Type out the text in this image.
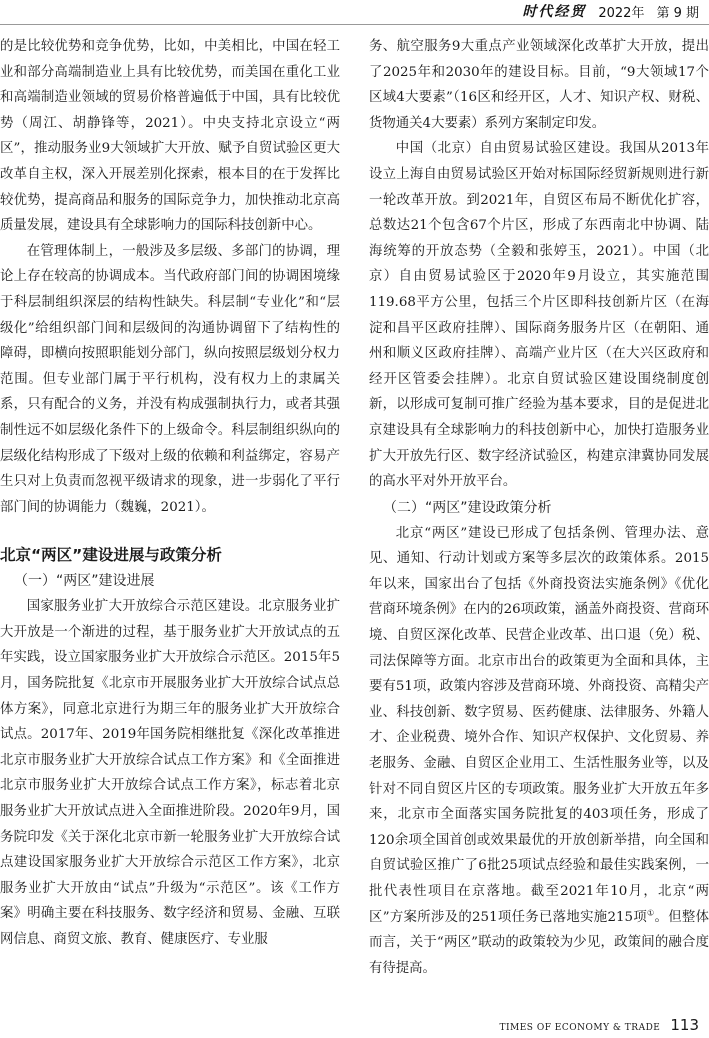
时代经贸 2022年 第 9 期

的是比较优势和竞争优势，比如，中美相比，中国在轻工业和部分高端制造业上具有比较优势，而美国在重化工业和高端制造业领域的贸易价格普遍低于中国，具有比较优势（周江、胡静锋等，2021）。中央支持北京设立“两区”，推动服务业9大领域扩大开放、赋予自贸试验区更大改革自主权，深入开展差别化探索，根本目的在于发挥比较优势，提高商品和服务的国际竞争力，加快推动北京高质量发展，建设具有全球影响力的国际科技创新中心。

在管理体制上，一般涉及多层级、多部门的协调，理论上存在较高的协调成本。当代政府部门间的协调困境缘于科层制组织深层的结构性缺失。科层制“专业化”和“层级化”给组织部门间和层级间的沟通协调留下了结构性的障碍，即横向按照职能划分部门，纵向按照层级划分权力范围。但专业部门属于平行机构，没有权力上的隶属关系，只有配合的义务，并没有构成强制执行力，或者其强制性远不如层级化条件下的上级命令。科层制组织纵向的层级化结构形成了下级对上级的依赖和利益绑定，容易产生只对上负责而忽视平级请求的现象，进一步弱化了平行部门间的协调能力（魏巍，2021）。

北京“两区”建设进展与政策分析
（一）“两区”建设进展

国家服务业扩大开放综合示范区建设。北京服务业扩大开放是一个渐进的过程，基于服务业扩大开放试点的五年实践，设立国家服务业扩大开放综合示范区。2015年5月，国务院批复《北京市开展服务业扩大开放综合试点总体方案》，同意北京进行为期三年的服务业扩大开放综合试点。2017年、2019年国务院相继批复《深化改革推进北京市服务业扩大开放综合试点工作方案》和《全面推进北京市服务业扩大开放综合试点工作方案》，标志着北京服务业扩大开放试点进入全面推进阶段。2020年9月，国务院印发《关于深化北京市新一轮服务业扩大开放综合试点建设国家服务业扩大开放综合示范区工作方案》，北京服务业扩大开放由“试点”升级为“示范区”。该《工作方案》明确主要在科技服务、数字经济和贸易、金融、互联网信息、商贸文旅、教育、健康医疗、专业服

务、航空服务9大重点产业领域深化改革扩大开放，提出了2025年和2030年的建设目标。目前，“9大领域17个区域4大要素”（16区和经开区，人才、知识产权、财税、货物通关4大要素）系列方案制定印发。

中国（北京）自由贸易试验区建设。我国从2013年设立上海自由贸易试验区开始对标国际经贸新规则进行新一轮改革开放。到2021年，自贸区布局不断优化扩容，总数达21个包含67个片区，形成了东西南北中协调、陆海统筹的开放态势（全毅和张婷玉，2021）。中国（北京）自由贸易试验区于2020年9月设立，其实施范围119.68平方公里，包括三个片区即科技创新片区（在海淀和昌平区政府挂牌）、国际商务服务片区（在朝阳、通州和顺义区政府挂牌）、高端产业片区（在大兴区政府和经开区管委会挂牌）。北京自贸试验区建设围绕制度创新，以形成可复制可推广经验为基本要求，目的是促进北京建设具有全球影响力的科技创新中心，加快打造服务业扩大开放先行区、数字经济试验区，构建京津冀协同发展的高水平对外开放平台。

（二）“两区”建设政策分析

北京“两区”建设已形成了包括条例、管理办法、意见、通知、行动计划或方案等多层次的政策体系。2015年以来，国家出台了包括《外商投资法实施条例》《优化营商环境条例》在内的26项政策，涵盖外商投资、营商环境、自贸区深化改革、民营企业改革、出口退（免）税、司法保障等方面。北京市出台的政策更为全面和具体，主要有51项，政策内容涉及营商环境、外商投资、高精尖产业、科技创新、数字贸易、医药健康、法律服务、外籍人才、企业税费、境外合作、知识产权保护、文化贸易、养老服务、金融、自贸区企业用工、生活性服务业等，以及针对不同自贸区片区的专项政策。服务业扩大开放五年多来，北京市全面落实国务院批复的403项任务，形成了120余项全国首创或效果最优的开放创新举措，向全国和自贸试验区推广了6批25项试点经验和最佳实践案例，一批代表性项目在京落地。截至2021年10月，北京“两区”方案所涉及的251项任务已落地实施215项①。但整体而言，关于“两区”联动的政策较为少见，政策间的融合度有待提高。

TIMES OF ECONOMY & TRADE 113
